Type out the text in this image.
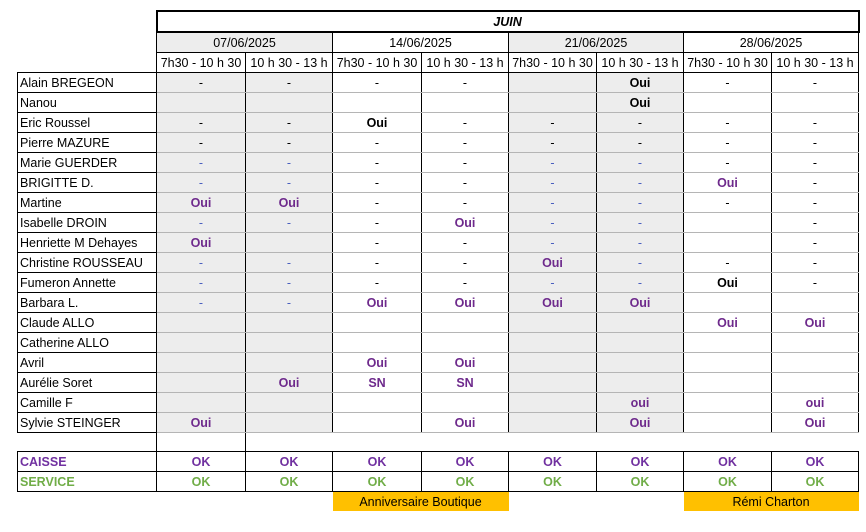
	JUIN							
	07/06/2025		14/06/2025		21/06/2025		28/06/2025	
	7h30 - 10 h 30	10 h 30 - 13 h	7h30 - 10 h 30	10 h 30 - 13 h	7h30 - 10 h 30	10 h 30 - 13 h	7h30 - 10 h 30	10 h 30 - 13 h
Alain BREGEON	-	-	-	-		Oui	-	-
Nanou						Oui		
Eric Roussel	-	-	Oui	-	-	-	-	-
Pierre MAZURE	-	-	-	-	-	-	-	-
Marie GUERDER	-	-	-	-	-	-	-	-
BRIGITTE D.	-	-	-	-	-	-	Oui	-
Martine	Oui	Oui	-	-	-	-	-	-
Isabelle DROIN	-	-	-	Oui	-	-		-
Henriette M Dehayes	Oui		-	-	-	-		-
Christine ROUSSEAU	-	-	-	-	Oui	-	-	-
Fumeron Annette	-	-	-	-	-	-	Oui	-
Barbara L.	-	-	Oui	Oui	Oui	Oui		
Claude ALLO							Oui	Oui
Catherine ALLO								
Avril			Oui	Oui				
Aurélie Soret		Oui	SN	SN				
Camille F						oui		oui
Sylvie STEINGER	Oui			Oui		Oui		Oui

CAISSE	OK	OK	OK	OK	OK	OK	OK	OK
SERVICE	OK	OK	OK	OK	OK	OK	OK	OK
			Anniversaire Boutique				Rémi Charton	
